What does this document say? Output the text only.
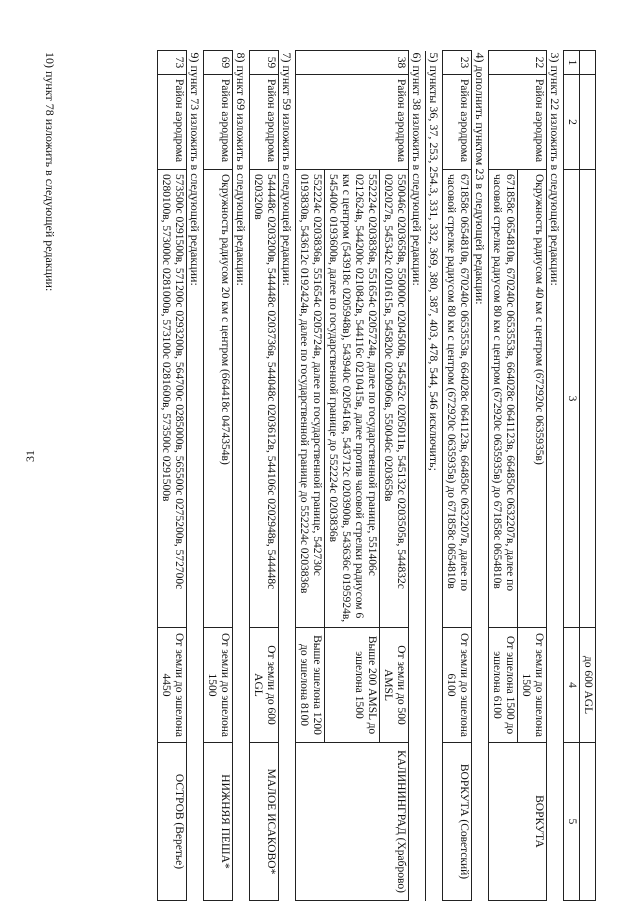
31
			до 600 AGL	
1	2	3	4	5
3) пункт 22 изложить в следующей редакции:				
22	Район аэродрома	Окружность радиусом 40 км с центром (672920с 0635935в)	От земли до эшелона 1500	ВОРКУТА
		671858с 0654810в, 670240с 0653553в, 664028с 0641123в, 664850с 0632207в, далее по часовой стрелке радиусом 80 км с центром (672920с 0635935в) до 671858с 0654810в	От эшелона 1500 до эшелона 6100	
4) дополнить пунктом 23 в следующей редакции:				
23	Район аэродрома	671858с 0654810в, 670240с 0653553в, 664028с 0641123в, 664850с 0632207в, далее по часовой стрелке радиусом 80 км с центром (672920с 0635935в) до 671858с 0654810в	От земли до эшелона 6100	ВОРКУТА (Советский)
5) пункты 36, 37, 253, 254.3, 331, 332, 369, 380, 387, 403, 478, 544, 546 исключить;				
6) пункт 38 изложить в следующей редакции:				
38	Район аэродрома	550046с 0203658в, 550000с 0204500в, 545452с 0205011в, 545132с 0203505в, 544832с 0202027в, 545342с 0201615в, 545820с 0200906в, 550046с 0203658в	От земли до 500 AMSL	КАЛИНИНГРАД (Храброво)
		552224с 0203836в, 551654с 0205724в, далее по государственной границе, 551406с 0212624в, 544200с 0210842в, 544116с 0210415в, далее против часовой стрелки радиусом 6 км с центром (543918с 0205948в), 543940с 0205416в, 543712с 0203900в, 543636с 0195924в, 545400с 0193600в, далее по государственной границе до 552224с 0203836в	Выше 200 AMSL до эшелона 1500	
		552224с 0203836в, 551654с 0205724в, далее по государственной границе, 542730с 0193830в, 543612с 0192424в, далее по государственной границе до 552224с 0203836в	Выше эшелона 1200 до эшелона 8100	
7) пункт 59 изложить в следующей редакции:				
59	Район аэродрома	544448с 0203200в, 544448с 0203736в, 544048с 0203612в, 544106с 0202948в, 544448с 0203200в	От земли до 600 AGL	МАЛОЕ ИСАКОВО*
8) пункт 69 изложить в следующей редакции:				
69	Район аэродрома	Окружность радиусом 20 км с центром (664418с 0474354в)	От земли до эшелона 1500	НИЖНЯЯ ПЕША*
9) пункт 73 изложить в следующей редакции:				
73	Район аэродрома	573500с 0291500в, 571200с 0293200в, 564700с 0285000в, 565500с 0275200в, 572700с 0280100в, 573000с 0281000в, 573100с 0281600в, 573500с 0291500в	От земли до эшелона 4450	ОСТРОВ (Веретье)
10) пункт 78 изложить в следующей редакции:
